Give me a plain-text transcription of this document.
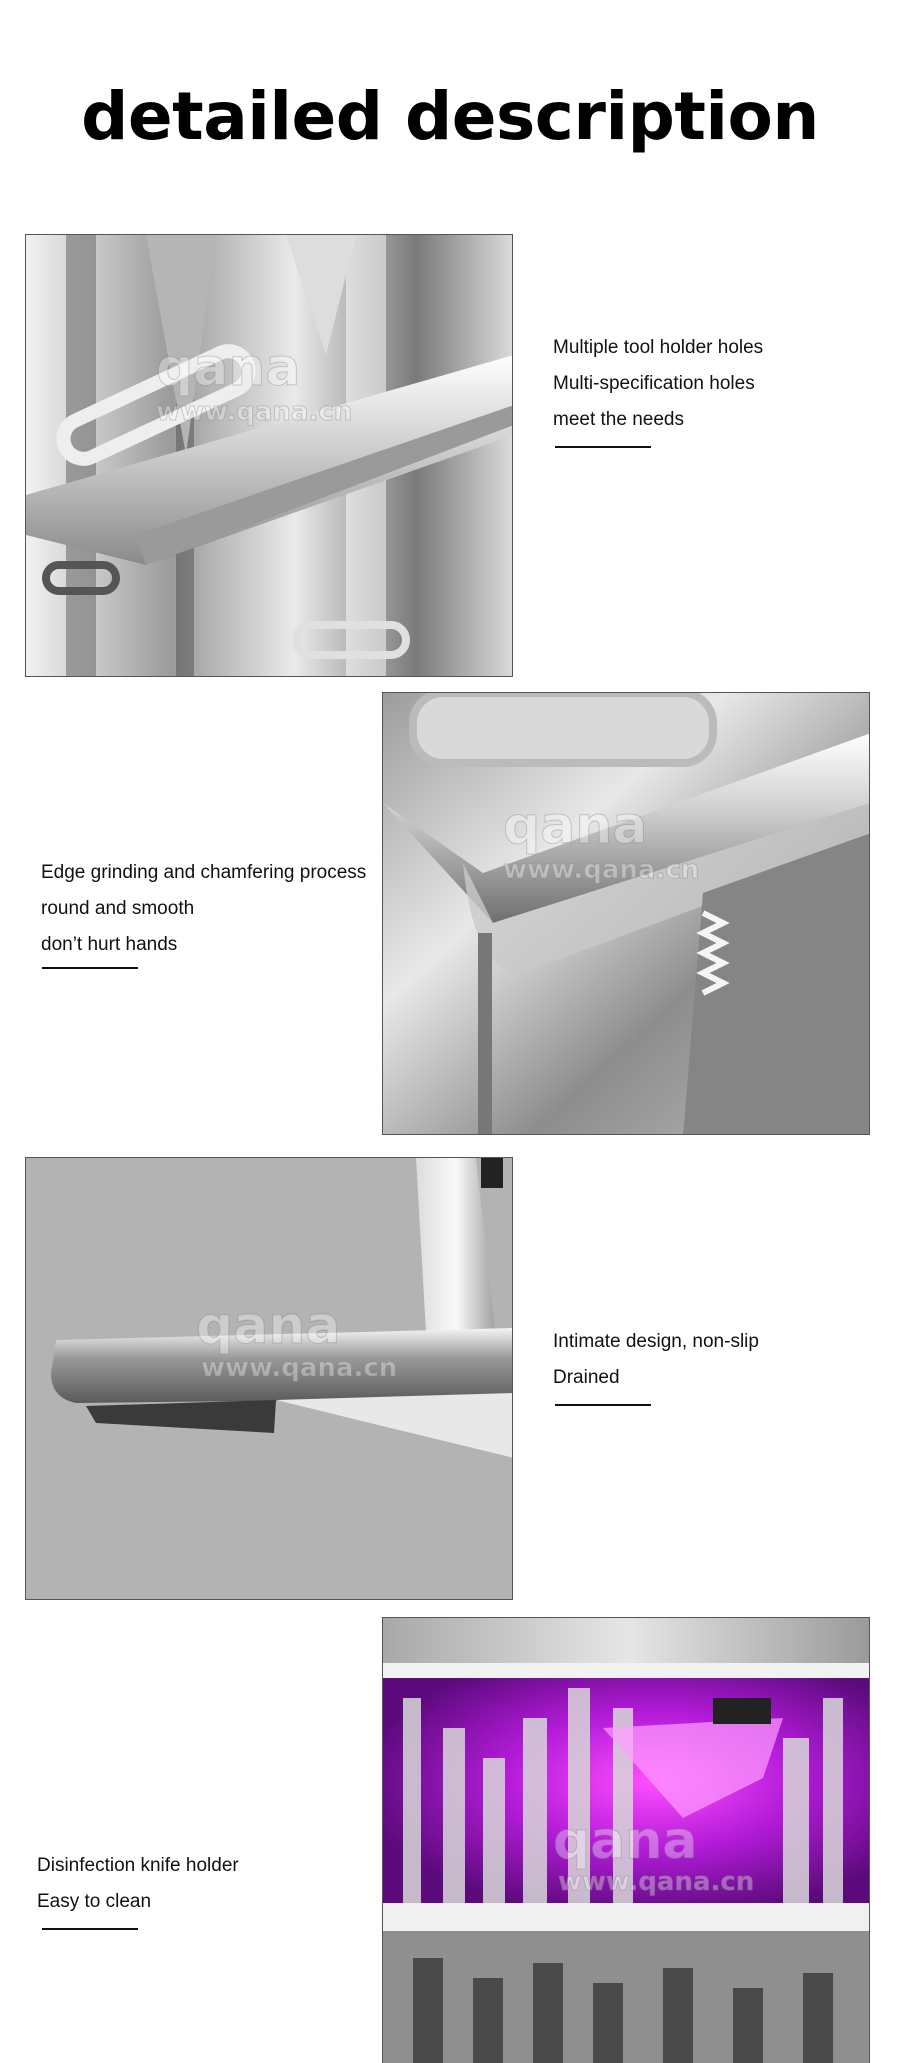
detailed description
qana
www.qana.cn
Multiple tool holder holes
Multi-specification holes
meet the needs
Edge grinding and chamfering process
round and smooth
don’t hurt hands
qana
www.qana.cn
qana
www.qana.cn
Intimate design, non-slip
Drained
Disinfection knife holder
Easy to clean
qana
www.qana.cn
